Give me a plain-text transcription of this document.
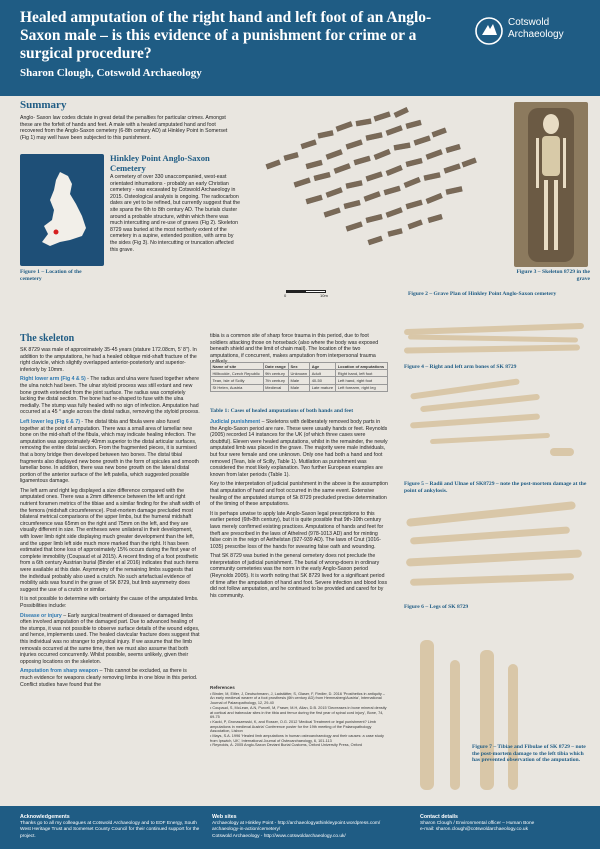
Healed amputation of the right hand and left foot of an Anglo-Saxon male – is this evidence of a punishment for crime or a surgical procedure?
Sharon Clough, Cotswold Archaeology
Cotswold
Archaeology
Summary
Anglo- Saxon law codes dictate in great detail the penalties for particular crimes. Amongst these are the forfeit of hands and feet. A male with a healed amputated hand and foot recovered from the Anglo-Saxon cemetery (6-8th century AD) at Hinkley Point in Somerset (Fig 1) may well have been subjected to this punishment.
Figure 1 – Location of the cemetery
Hinkley Point Anglo-Saxon Cemetery
A cemetery of over 330 unaccompanied, west-east orientated inhumations - probably an early Christian cemetery - was excavated by Cotswold Archaeology in 2015. Osteological analysis is ongoing. The radiocarbon dates are yet to be refined, but currently suggest that the site spans the 6th to 8th century AD. The burials cluster around a probable structure, within which there was much intercutting and re-use of graves (Fig 2). Skeleton 8729 was buried at the most northerly extent of the cemetery in a supine, extended position, with arms by the sides (Fig 3). No intercutting or truncation affected this grave.
0	10m	Figure 2 – Grave Plan of Hinkley Point Anglo-Saxon cemetery
Figure 3 – Skeleton 8729 in the grave
The skeleton

SK 8729 was male of approximately 35-45 years (stature 172.08cm, 5' 8"). In addition to the amputations, he had a healed oblique mid-shaft fracture of the right clavicle, which slightly overlapped anterior-posteriorly and superior-inferiorly by 10mm.

Right lower arm (Fig 4 & 5) - The radius and ulna were fused together where the ulna notch had been. The ulnar styloid process was still extant and new bone growth extended from the joint surface. The radius was completely lacking the distal section. The bone had re-shaped to fuse with the ulna medially. The stump was fully healed with no sign of infection. Amputation had occurred at a 45 ° angle across the distal radius, removing the styloid process.

Left lower leg (Fig 6 & 7) - The distal tibia and fibula were also fused together at the point of amputation. There was a small area of lamellar new bone on the mid-shaft of the fibula, which may indicate healing infection. The amputation was approximately 40mm superior to the distal articular surfaces, removing the entire distal section. From the fragmented pieces, it is surmised that a bony bridge then developed between two bones. The distal tibial fragments also displayed new bone growth in the form of spicules and smooth lamellar bone. In addition, there was new bone growth on the lateral distal portion of the anterior surface of the left patella, which suggested possible ligamentous damage.

The left arm and right leg displayed a size difference compared with the amputated ones. There was a 2mm difference between the left and right nutrient foramen metrics of the tibiae and a similar finding for the shaft width of the femora (midshaft circumference). Post-mortem damage precluded most bilateral metrical comparisons of the upper limbs, but the humeral midshaft circumference was 65mm on the right and 75mm on the left, and they are visually different in size. The entheses were unilateral in their development, with lower limb right side displaying much greater development than the left, and the upper limb left side much more marked than the right. It has been estimated that bone loss of approximately 15% occurs during the first year of complete immobility (Coupaud et al 2015). A recent finding of a foot prosthetic from a 6th century Austrian burial (Binder et al 2016) indicates that such items were available at this date. Asymmetry of the remaining limbs suggests that the individual probably also used a crutch. No such artefactual evidence of mobility aids was found in the grave of SK 8729, but limb asymmetry does suggest the use of a crutch or similar.

It is not possible to determine with certainty the cause of the amputated limbs. Possibilities include:

Disease or injury – Early surgical treatment of diseased or damaged limbs often involved amputation of the damaged part. Due to advanced healing of the stumps, it was not possible to observe surface details of the wound edges, and hence, implements used. The healed clavicular fracture does suggest that this individual was no stranger to physical injury. If we assume that the limb removals occurred at the same time, then we must also assume that both injuries occurred concurrently. Whilst possible, seems unlikely, given their opposing locations on the skeleton.

Amputation from sharp weapon – This cannot be excluded, as there is much evidence for weapons clearly removing limbs in one blow in this period. Conflict studies have found that the

tibia is a common site of sharp force trauma in this period, due to foot soldiers attacking those on horseback (also where the body was exposed beneath shield and the limit of chain mail). The location of the two amputations, if concurrent, makes amputation from interpersonal trauma unlikely.
Name of site	Date range	Sex	Age	Location of amputations
Hillbockle, Czech Republic	9th century	Unknown	Adult	Right hand, left foot
Tean, Isle of Scilly	7th century	Male	40-50	Left hand, right foot
St Helen, Austria	Medieval	Male	Late mature	Left forearm, right leg
Table 1: Cases of healed amputations of both hands and feet

Judicial punishment – Skeletons with deliberately removed body parts in the Anglo-Saxon period are rare. These were usually hands or feet. Reynolds (2005) recorded 14 instances for the UK (of which three cases were doubtful). Eleven were healed amputations, whilst in the remainder, the newly amputated limb was placed in the grave. The majority were male individuals, but four were female and one unknown. Only one had both a hand and foot removed (Tean, Isle of Scilly, Table 1). Mutilation as punishment was considered the most likely explanation. Two further European examples are known from later periods (Table 1).

Key to the interpretation of judicial punishment in the above is the assumption that amputation of hand and foot occurred in the same event. Extensive healing of the amputated stumps of Sk 8729 precluded precise determination of the timing of these amputations.

It is perhaps unwise to apply late Anglo-Saxon legal prescriptions to this earlier period (6th-8th century), but it is quite possible that 9th-10th century laws merely confirmed existing practices. Amputations of hands and feet for theft are prescribed in the laws of Athelred (978-1013 AD) and for minting false coin in the reign of Aethelstan (927-939 AD). The laws of Cnut (1016-1035) prescribe loss of the hands for swearing false oath and wounding.

That SK 8729 was buried in the general cemetery does not preclude the interpretation of judicial punishment. The burial of wrong-doers in ordinary community cemeteries was the norm in the early Anglo-Saxon period (Reynolds 2005). It is worth noting that SK 8729 lived for a significant period of time after the amputation of hand and foot. Severe infection and blood loss did not follow amputation, and he continued to be provided and cared for by his community.

References
• Binder, M, Eitler, J, Deutschmann, J, Ladstätter, S, Glaser, F, Fiedler, D. 2016 'Prosthetics in antiquity – An early medieval wearer of a foot prosthesis (6th century AD) from Hemmaberg/Austria', International Journal of Palaeopathology, 12, 29-40
• Coupaud, S, McLean, A.N, Purcell, M, Fraser, M.H, Allan, D.B. 2015 'Decreases in bone mineral density at cortical and trabecular sites in the tibia and femur during the first year of spinal cord injury', Bone, 74, 69-75
• Kacki, P, Gronaszewski, K, and Rosser, O.G. 2012 'Medical Treatment or legal punishment? Limb amputations in medieval Austria' Conference poster for the 19th meeting of the Palaeopathology Association, Lisbon
• Mays, S.A. 1996 'Healed limb amputations in human osteoarchaeology and their causes: a case study from Ipswich, UK', International Journal of Osteoarchaeology, 6, 101-113
• Reynolds, A. 2005 Anglo-Saxon Deviant Burial Customs, Oxford University Press, Oxford
Figure 4 – Right and left arm bones of SK 8729
Figure 5 – Radii and Ulnae of SK8729 – note the post-mortem damage at the point of ankylosis.
Figure 6 – Legs of SK 8729
Figure 7 – Tibiae and Fibulae of SK 8729 – note the post-mortem damage to the left tibia which has prevented observation of the amputation.
Acknowledgements
Thanks go to all my colleagues at Cotswold Archaeology and to EDF Energy, South West Heritage Trust and Somerset County Council for their continued support for the project.
Web sites
Archaeology at Hinkley Point - http://archaeologyathinkleypoint.wordpress.com/
archaeology-in-action/cemetery/
Cotswold Archaeology - http://www.cotswoldarchaeology.co.uk/
Contact details
Sharon Clough / Environmental officer – Human Bone
e-mail: sharon.clough@cotswoldarchaeology.co.uk
